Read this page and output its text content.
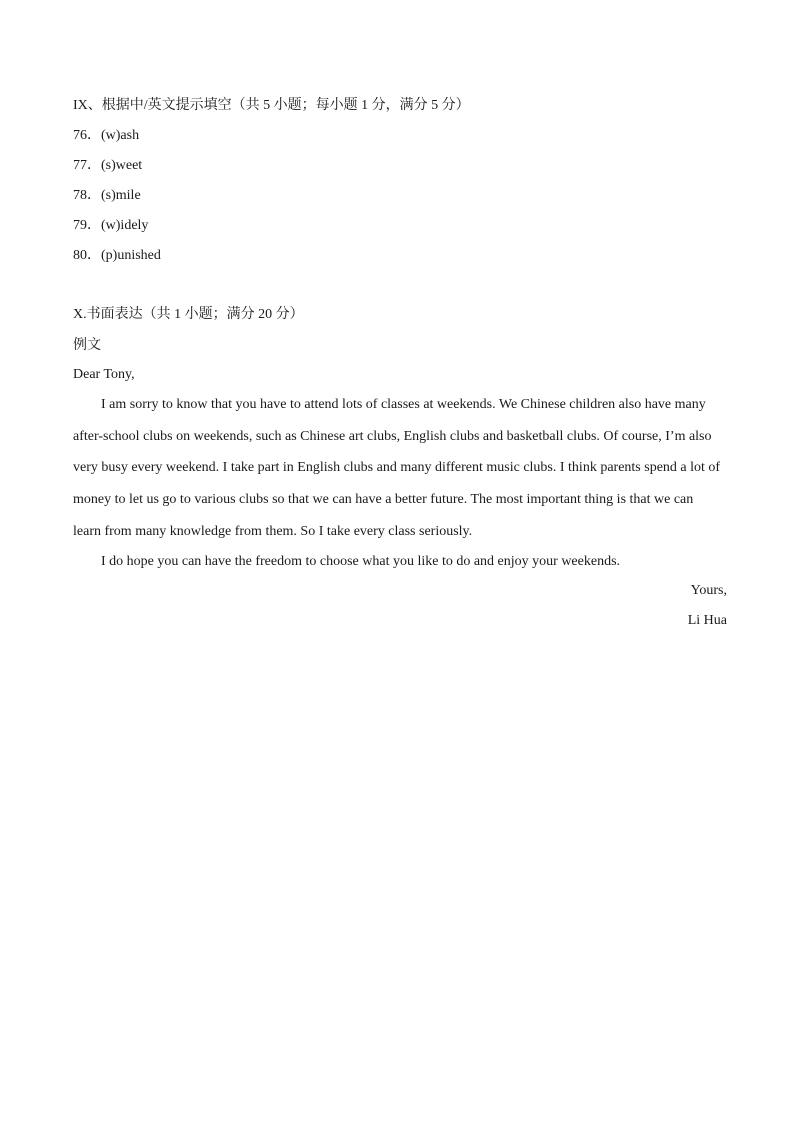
IX、根据中/英文提示填空（共 5 小题；每小题 1 分，满分 5 分）
76．(w)ash
77．(s)weet
78．(s)mile
79．(w)idely
80．(p)unished
X.书面表达（共 1 小题；满分 20 分）
例文
Dear Tony,
I am sorry to know that you have to attend lots of classes at weekends. We Chinese children also have many
after-school clubs on weekends, such as Chinese art clubs, English clubs and basketball clubs. Of course, I’m also
very busy every weekend. I take part in English clubs and many different music clubs. I think parents spend a lot of
money to let us go to various clubs so that we can have a better future. The most important thing is that we can
learn from many knowledge from them. So I take every class seriously.
I do hope you can have the freedom to choose what you like to do and enjoy your weekends.
Yours,
Li Hua
